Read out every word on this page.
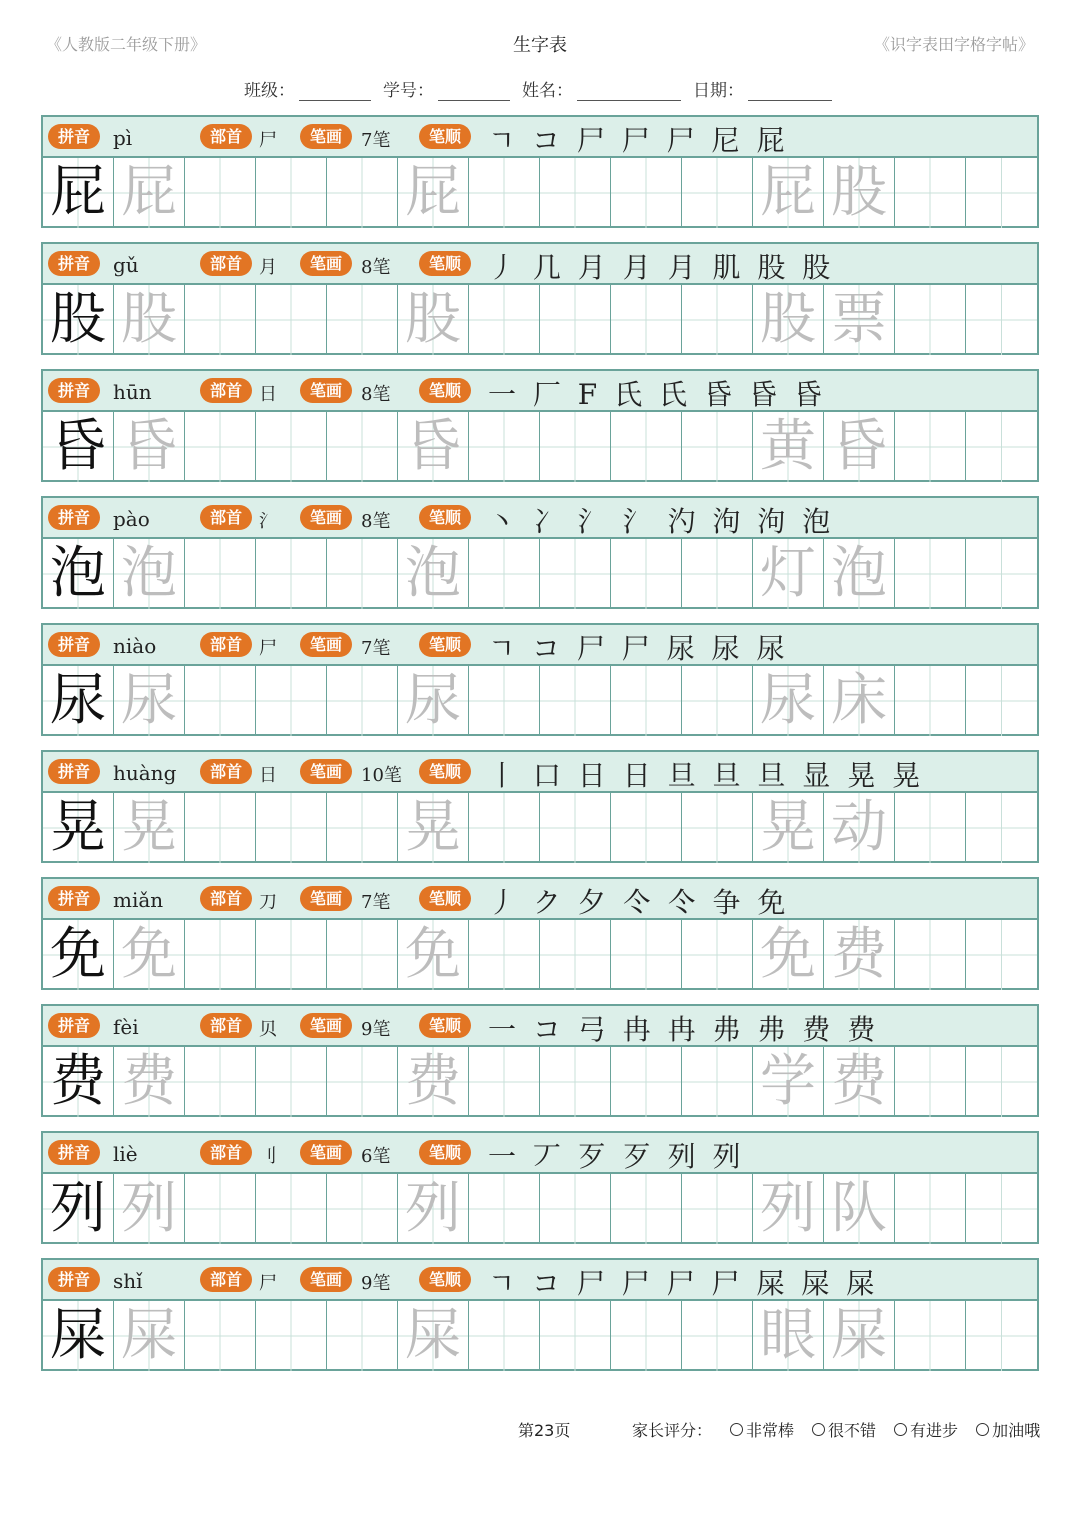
《人教版二年级下册》	生字表	《识字表田字格字帖》
班级：	学号：	姓名：	日期：
拼音	部首	笔画	笔顺
pì	尸	7笔	ㄱ コ 尸 尸 尸 尼 屁
屁 屁	屁	屁 股
拼音	部首	笔画	笔顺
gǔ	月	8笔	丿 几 月 月 月 肌 股 股
股 股	股	股 票
拼音	部首	笔画	笔顺
hūn	日	8笔	一 厂 F 氏 氏 昏 昏 昏
昏 昏	昏	黄 昏
拼音	部首	笔画	笔顺
pào	氵	8笔	丶 冫 氵 氵 汋 泃 泃 泡
泡 泡	泡	灯 泡
拼音	部首	笔画	笔顺
niào	尸	7笔	ㄱ コ 尸 尸 尿 尿 尿
尿 尿	尿	尿 床
拼音	部首	笔画	笔顺
huàng	日	10笔	丨 口 日 日 旦 旦 旦 显 晃 晃
晃 晃	晃	晃 动
拼音	部首	笔画	笔顺
miǎn	刀	7笔	丿 ク 夕 仒 仒 争 免
免 免	免	免 费
拼音	部首	笔画	笔顺
fèi	贝	9笔	一 コ 弓 冉 冉 弗 弗 费 费
费 费	费	学 费
拼音	部首	笔画	笔顺
liè	刂	6笔	一 丆 歹 歹 列 列
列 列	列	列 队
拼音	部首	笔画	笔顺
shǐ	尸	9笔	ㄱ コ 尸 尸 尸 尸 屎 屎 屎
屎 屎	屎	眼 屎
第23页	家长评分： 非常棒 很不错 有进步 加油哦
